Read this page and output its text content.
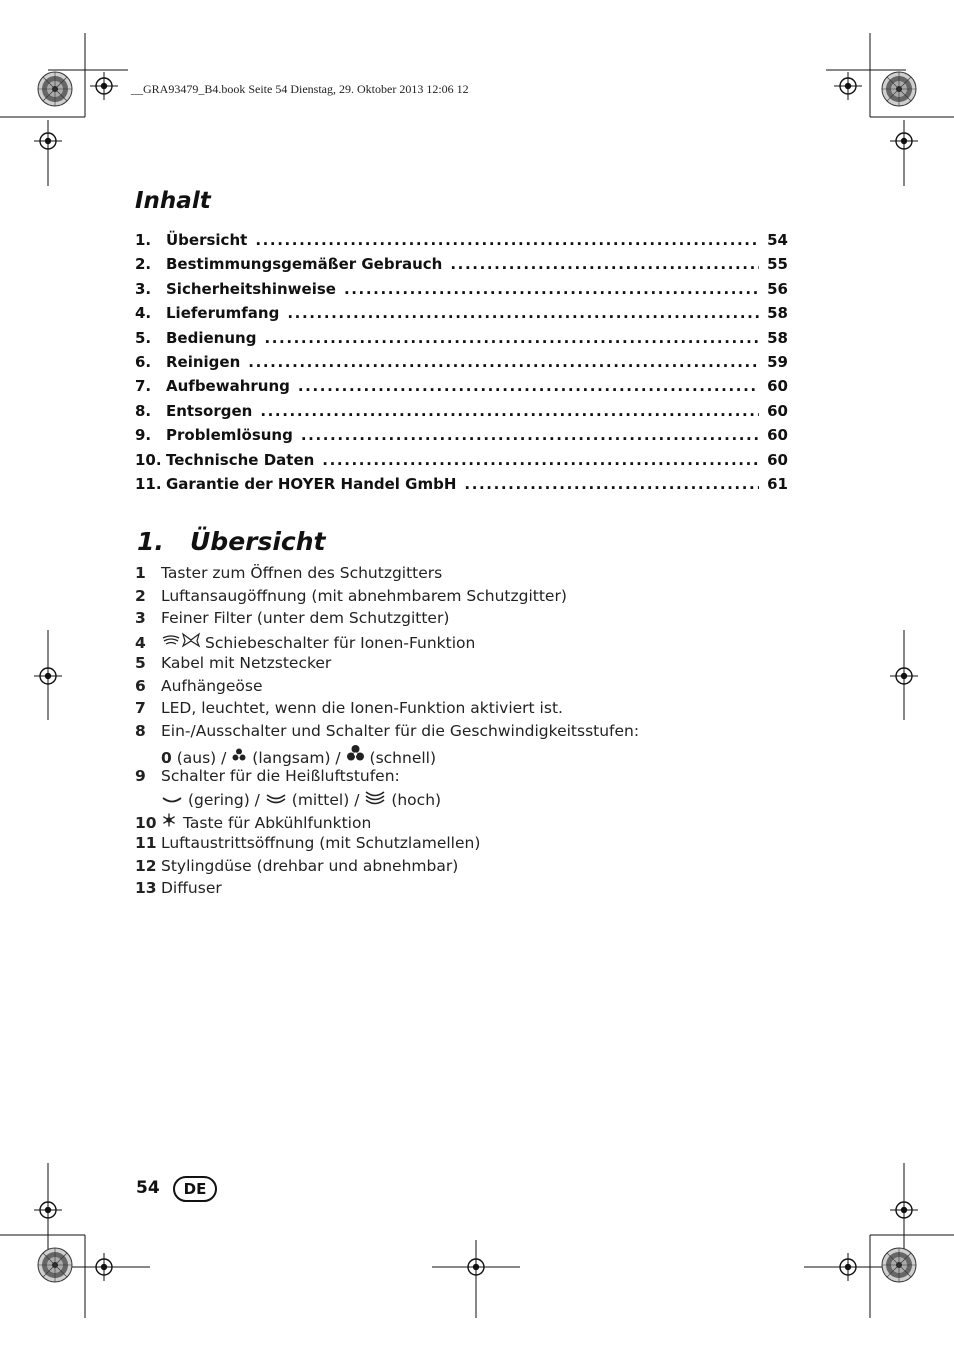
__GRA93479_B4.book Seite 54 Dienstag, 29. Oktober 2013 12:06 12
Inhalt
1. Übersicht .....	54
2. Bestimmungsgemäßer Gebrauch .....	55
3. Sicherheitshinweise .....	56
4. Lieferumfang .....	58
5. Bedienung .....	58
6. Reinigen .....	59
7. Aufbewahrung .....	60
8. Entsorgen .....	60
9. Problemlösung .....	60
10. Technische Daten .....	60
11. Garantie der HOYER Handel GmbH .....	61
1.   Übersicht
1 Taster zum Öffnen des Schutzgitters
2 Luftansaugöffnung (mit abnehmbarem Schutzgitter)
3 Feiner Filter (unter dem Schutzgitter)
4	Schiebeschalter für Ionen-Funktion
5 Kabel mit Netzstecker
6 Aufhängeöse
7 LED, leuchtet, wenn die Ionen-Funktion aktiviert ist.
8 Ein-/Ausschalter und Schalter für die Geschwindigkeitsstufen:
0
(aus) /

(langsam) /

(schnell)
9 Schalter für die Heißluftstufen:

(gering) /

(mittel) /

(hoch)
10 Taste für Abkühlfunktion
11 Luftaustrittsöffnung (mit Schutzlamellen)
12 Stylingdüse (drehbar und abnehmbar)
13 Diffuser
54	DE
